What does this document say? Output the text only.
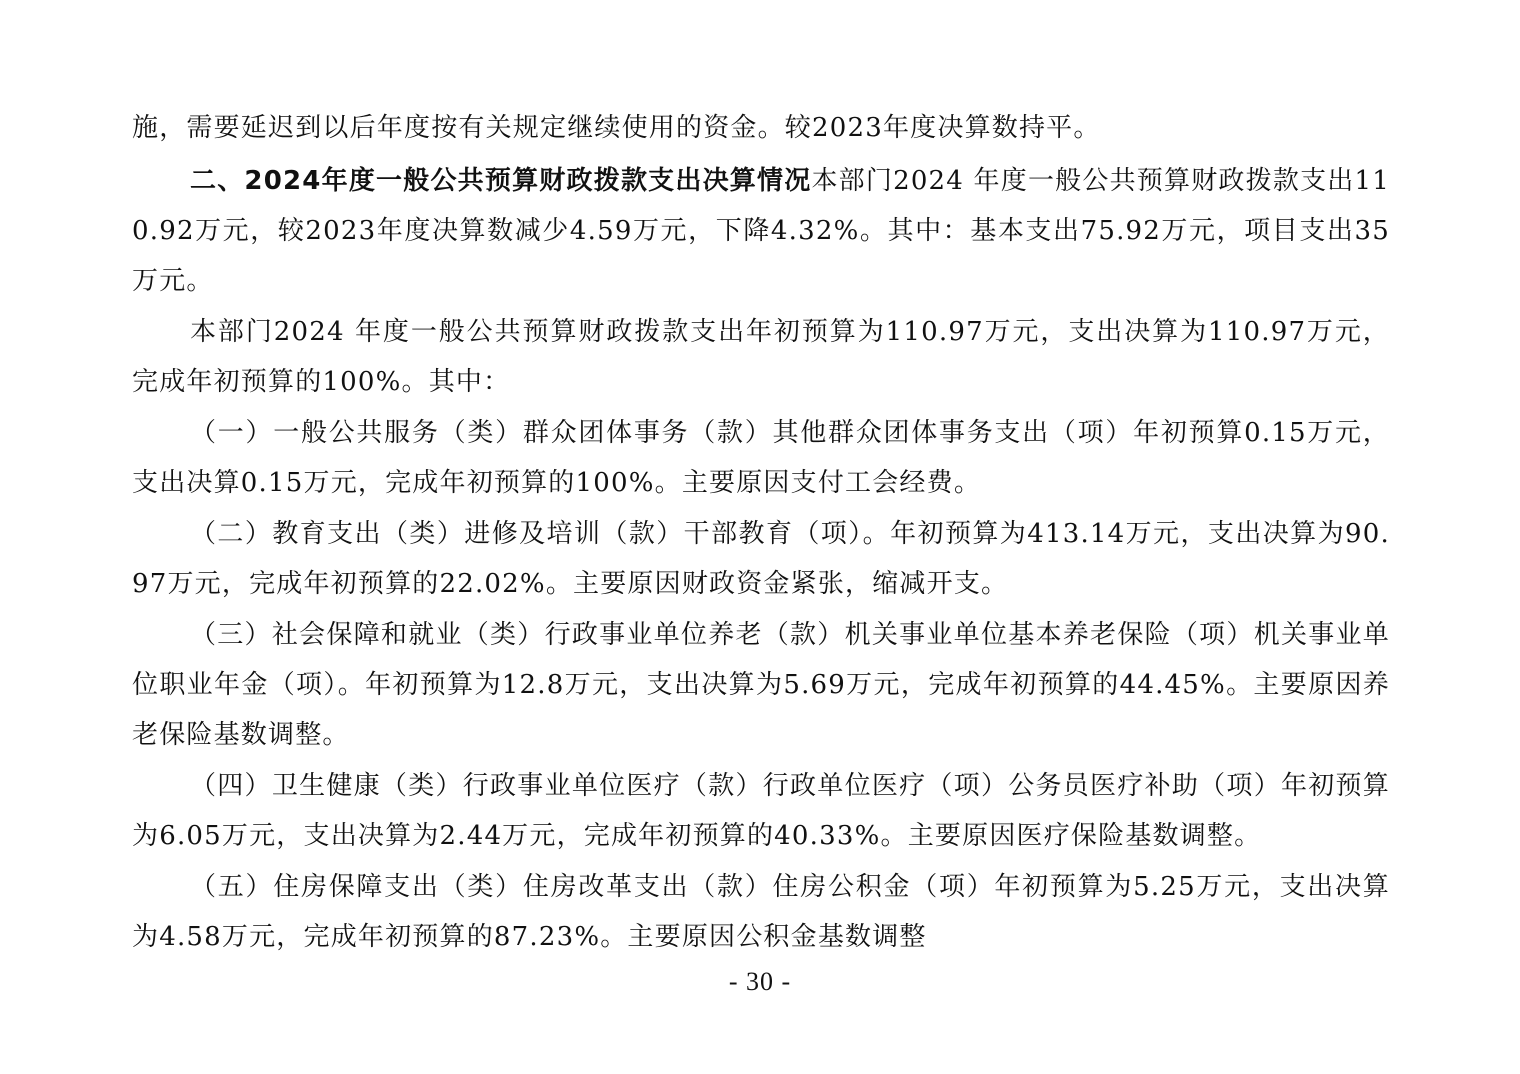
施，需要延迟到以后年度按有关规定继续使用的资金。较2023年度决算数持平。

二、2024年度一般公共预算财政拨款支出决算情况本部门2024 年度一般公共预算财政拨款支出110.92万元，较2023年度决算数减少4.59万元，下降4.32%。其中：基本支出75.92万元，项目支出35万元。

本部门2024 年度一般公共预算财政拨款支出年初预算为110.97万元，支出决算为110.97万元，完成年初预算的100%。其中：

（一）一般公共服务（类）群众团体事务（款）其他群众团体事务支出（项）年初预算0.15万元，支出决算0.15万元，完成年初预算的100%。主要原因支付工会经费。

（二）教育支出（类）进修及培训（款）干部教育（项）。年初预算为413.14万元，支出决算为90.97万元，完成年初预算的22.02%。主要原因财政资金紧张，缩减开支。

（三）社会保障和就业（类）行政事业单位养老（款）机关事业单位基本养老保险（项）机关事业单位职业年金（项）。年初预算为12.8万元，支出决算为5.69万元，完成年初预算的44.45%。主要原因养老保险基数调整。

（四）卫生健康（类）行政事业单位医疗（款）行政单位医疗（项）公务员医疗补助（项）年初预算为6.05万元，支出决算为2.44万元，完成年初预算的40.33%。主要原因医疗保险基数调整。

（五）住房保障支出（类）住房改革支出（款）住房公积金（项）年初预算为5.25万元，支出决算为4.58万元，完成年初预算的87.23%。主要原因公积金基数调整

- 30 -
